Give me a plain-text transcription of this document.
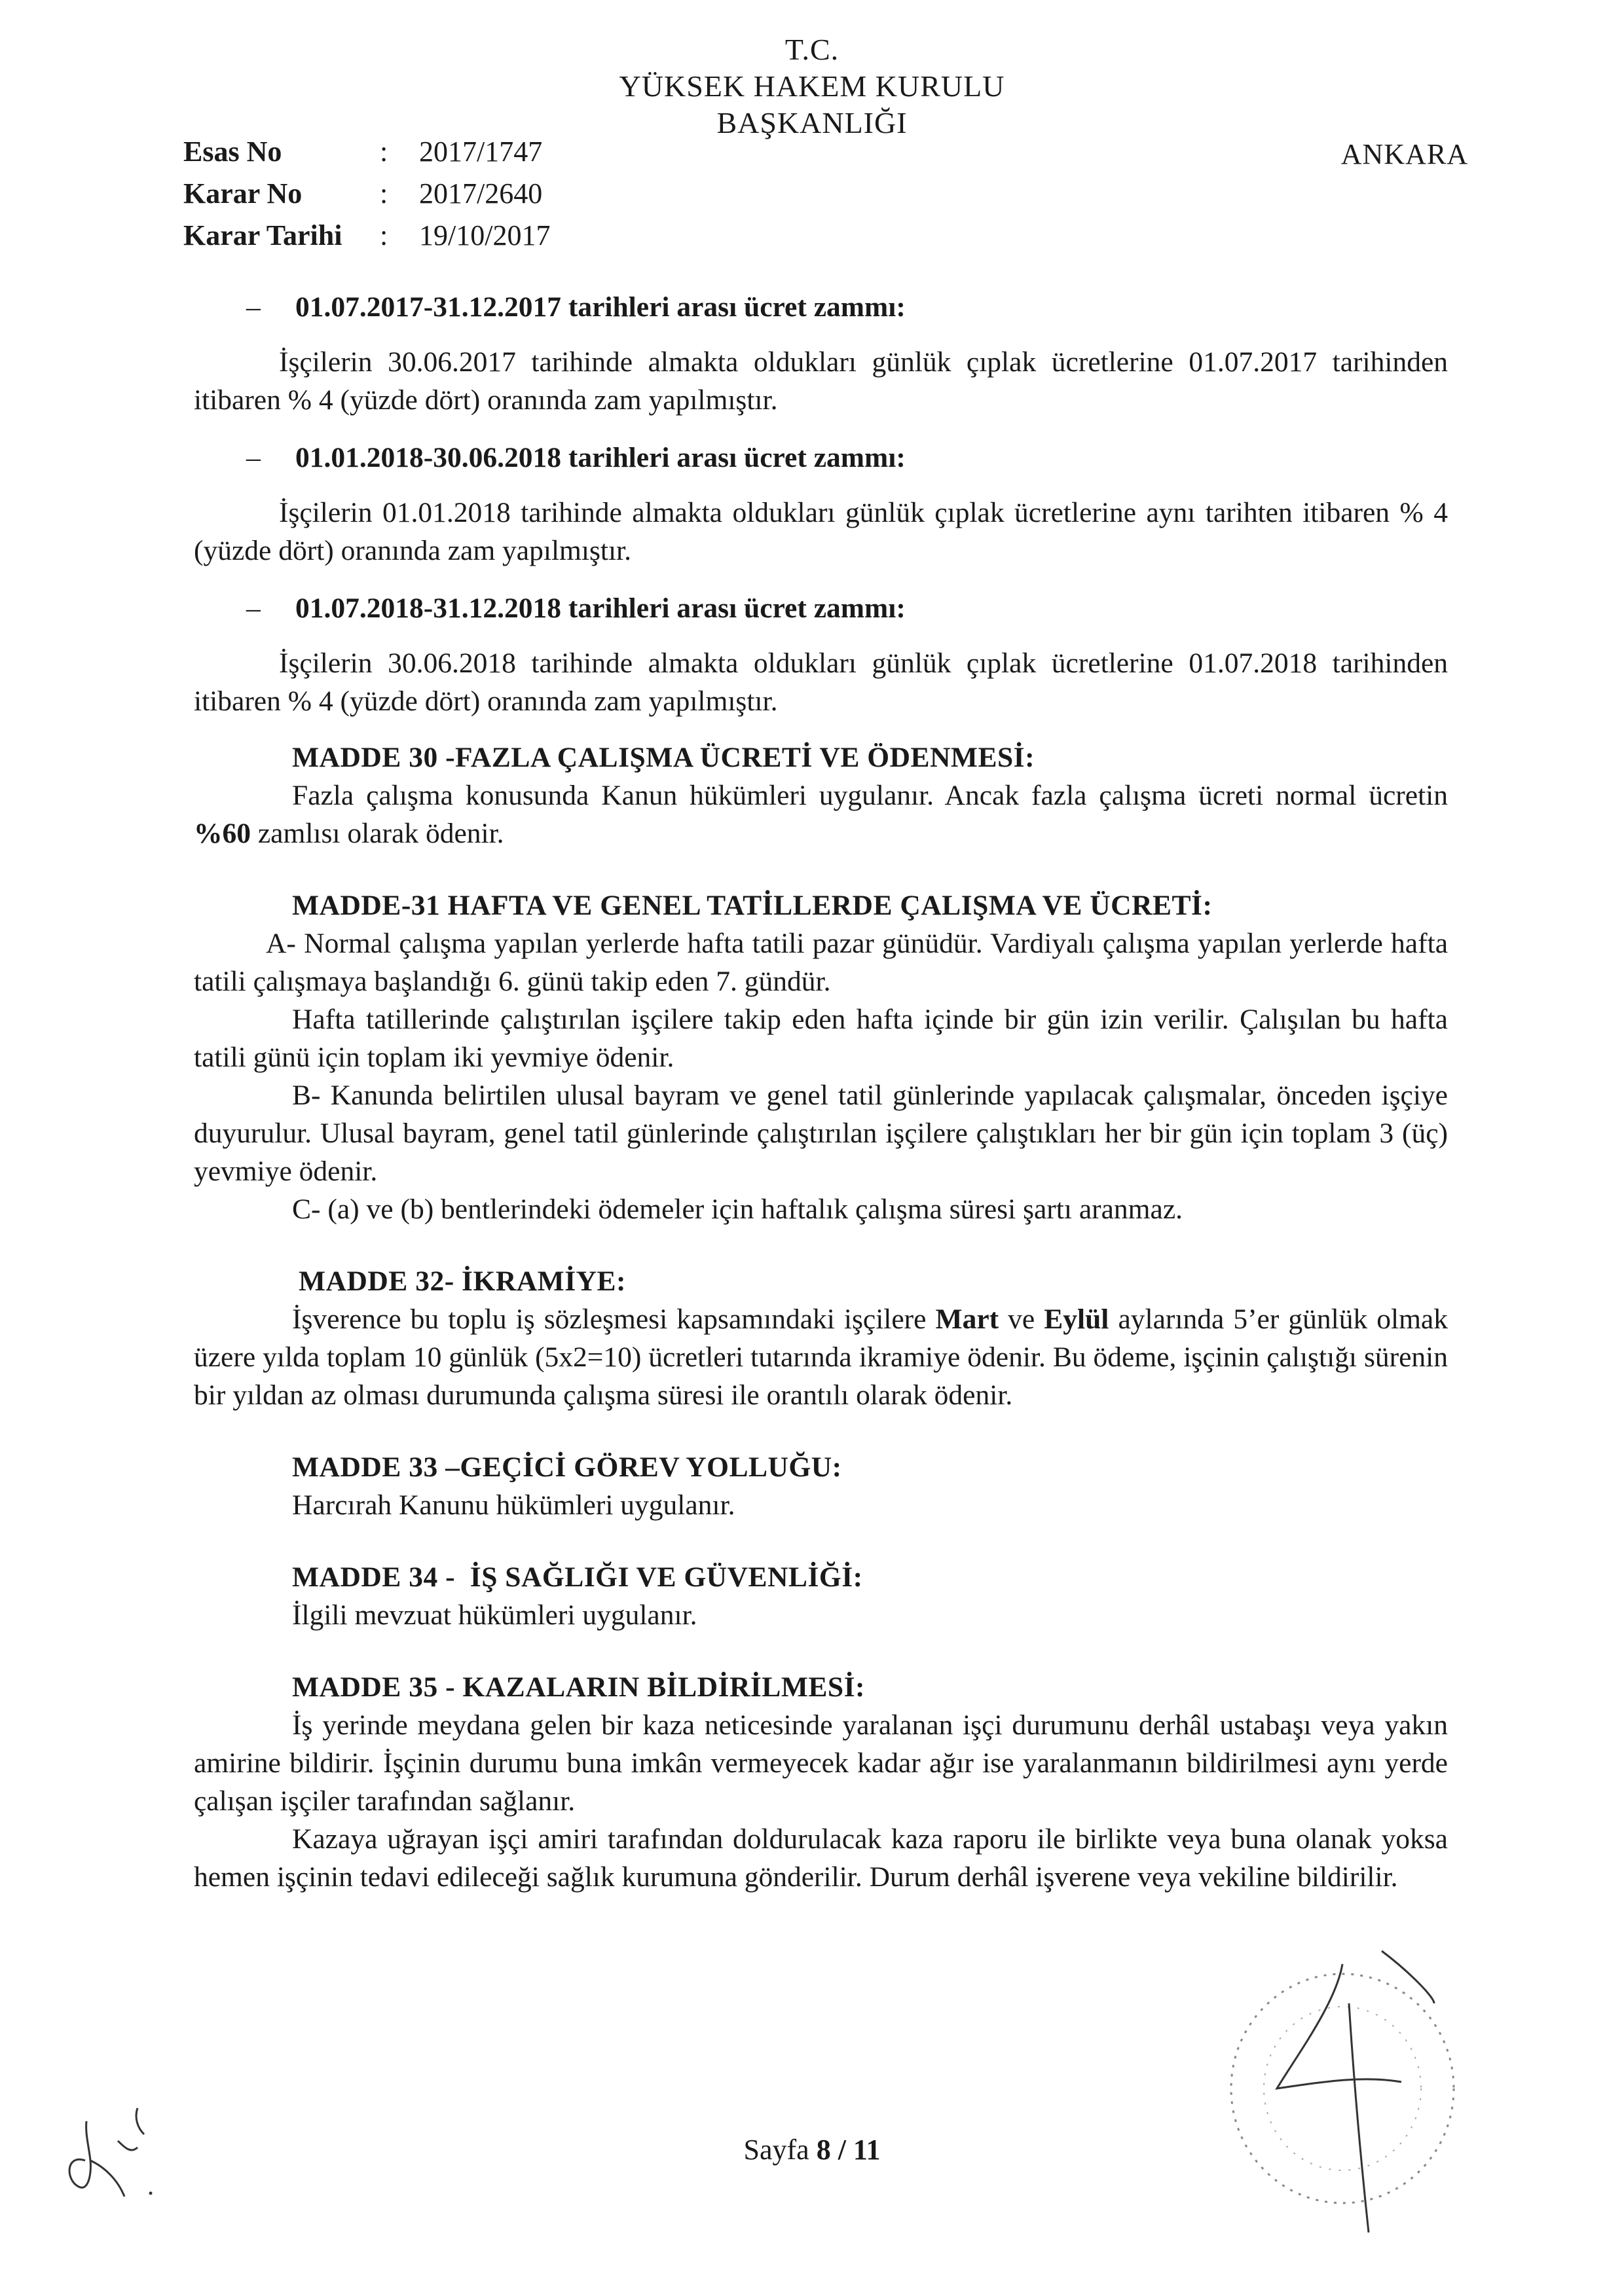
T.C.
YÜKSEK HAKEM KURULU
BAŞKANLIĞI
ANKARA
Esas No	:	2017/1747
Karar No	:	2017/2640
Karar Tarihi	:	19/10/2017
– 01.07.2017-31.12.2017 tarihleri arası ücret zammı:

İşçilerin 30.06.2017 tarihinde almakta oldukları günlük çıplak ücretlerine 01.07.2017 tarihinden itibaren % 4 (yüzde dört) oranında zam yapılmıştır.

– 01.01.2018-30.06.2018 tarihleri arası ücret zammı:

İşçilerin 01.01.2018 tarihinde almakta oldukları günlük çıplak ücretlerine aynı tarihten itibaren % 4 (yüzde dört) oranında zam yapılmıştır.

– 01.07.2018-31.12.2018 tarihleri arası ücret zammı:

İşçilerin 30.06.2018 tarihinde almakta oldukları günlük çıplak ücretlerine 01.07.2018 tarihinden itibaren % 4 (yüzde dört) oranında zam yapılmıştır.

MADDE 30 -FAZLA ÇALIŞMA ÜCRETİ VE ÖDENMESİ:

Fazla çalışma konusunda Kanun hükümleri uygulanır. Ancak fazla çalışma ücreti normal ücretin %60 zamlısı olarak ödenir.

MADDE-31 HAFTA VE GENEL TATİLLERDE ÇALIŞMA VE ÜCRETİ:

A- Normal çalışma yapılan yerlerde hafta tatili pazar günüdür. Vardiyalı çalışma yapılan yerlerde hafta tatili çalışmaya başlandığı 6. günü takip eden 7. gündür.

Hafta tatillerinde çalıştırılan işçilere takip eden hafta içinde bir gün izin verilir. Çalışılan bu hafta tatili günü için toplam iki yevmiye ödenir.

B- Kanunda belirtilen ulusal bayram ve genel tatil günlerinde yapılacak çalışmalar, önceden işçiye duyurulur. Ulusal bayram, genel tatil günlerinde çalıştırılan işçilere çalıştıkları her bir gün için toplam 3 (üç) yevmiye ödenir.

C- (a) ve (b) bentlerindeki ödemeler için haftalık çalışma süresi şartı aranmaz.

MADDE 32- İKRAMİYE:

İşverence bu toplu iş sözleşmesi kapsamındaki işçilere Mart ve Eylül aylarında 5’er günlük olmak üzere yılda toplam 10 günlük (5x2=10) ücretleri tutarında ikramiye ödenir. Bu ödeme, işçinin çalıştığı sürenin bir yıldan az olması durumunda çalışma süresi ile orantılı olarak ödenir.

MADDE 33 –GEÇİCİ GÖREV YOLLUĞU:

Harcırah Kanunu hükümleri uygulanır.

MADDE 34 -  İŞ SAĞLIĞI VE GÜVENLİĞİ:

İlgili mevzuat hükümleri uygulanır.

MADDE 35 - KAZALARIN BİLDİRİLMESİ:

İş yerinde meydana gelen bir kaza neticesinde yaralanan işçi durumunu derhâl ustabaşı veya yakın amirine bildirir. İşçinin durumu buna imkân vermeyecek kadar ağır ise yaralanmanın bildirilmesi aynı yerde çalışan işçiler tarafından sağlanır.

Kazaya uğrayan işçi amiri tarafından doldurulacak kaza raporu ile birlikte veya buna olanak yoksa hemen işçinin tedavi edileceği sağlık kurumuna gönderilir. Durum derhâl işverene veya vekiline bildirilir.

Sayfa 8 / 11
